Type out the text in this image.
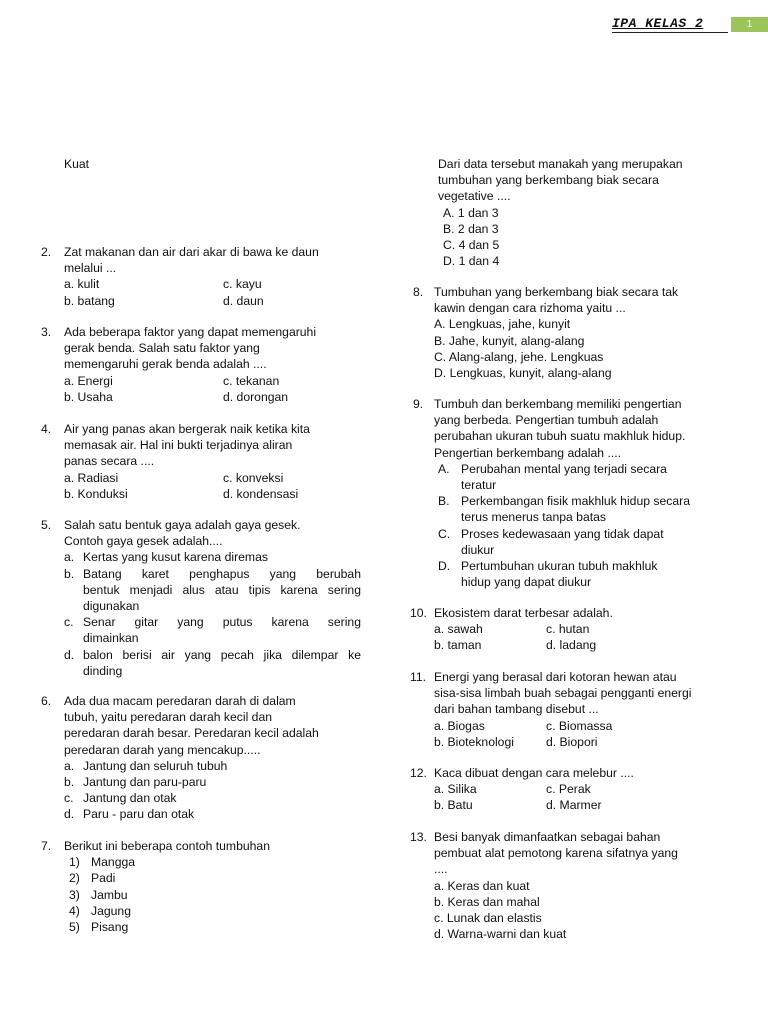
IPA KELAS 2	1
Kuat
2. Zat makanan dan air dari akar di bawa ke daun
melalui ...
a. kulit	c. kayu
b. batang	d. daun
3. Ada beberapa faktor yang dapat memengaruhi
gerak benda. Salah satu faktor yang
memengaruhi gerak benda adalah ....
a. Energi	c. tekanan
b. Usaha	d. dorongan
4. Air yang panas akan bergerak naik ketika kita
memasak air. Hal ini bukti terjadinya aliran
panas secara ....
a. Radiasi	c. konveksi
b. Konduksi	d. kondensasi
5. Salah satu bentuk gaya adalah gaya gesek.
Contoh gaya gesek adalah....
a. Kertas yang kusut karena diremas
b. Batang karet penghapus yang berubah
bentuk menjadi alus atau tipis karena sering
digunakan
c. Senar gitar yang putus karena sering
dimainkan
d. balon berisi air yang pecah jika dilempar ke
dinding
6. Ada dua macam peredaran darah di dalam
tubuh, yaitu peredaran darah kecil dan
peredaran darah besar. Peredaran kecil adalah
peredaran darah yang mencakup.....
a. Jantung dan seluruh tubuh
b. Jantung dan paru-paru
c. Jantung dan otak
d. Paru - paru dan otak
7. Berikut ini beberapa contoh tumbuhan
1) Mangga
2) Padi
3) Jambu
4) Jagung
5) Pisang
Dari data tersebut manakah yang merupakan
tumbuhan yang berkembang biak secara
vegetative ....
A. 1 dan 3
B. 2 dan 3
C. 4 dan 5
D. 1 dan 4
8. Tumbuhan yang berkembang biak secara tak
kawin dengan cara rizhoma yaitu ...
A. Lengkuas, jahe, kunyit
B. Jahe, kunyit, alang-alang
C. Alang-alang, jehe. Lengkuas
D. Lengkuas, kunyit, alang-alang
9. Tumbuh dan berkembang memiliki pengertian
yang berbeda. Pengertian tumbuh adalah
perubahan ukuran tubuh suatu makhluk hidup.
Pengertian berkembang adalah ....
A. Perubahan mental yang terjadi secara
teratur
B. Perkembangan fisik makhluk hidup secara
terus menerus tanpa batas
C. Proses kedewasaan yang tidak dapat
diukur
D. Pertumbuhan ukuran tubuh makhluk
hidup yang dapat diukur
10. Ekosistem darat terbesar adalah.
a. sawah	c. hutan
b. taman	d. ladang
11. Energi yang berasal dari kotoran hewan atau
sisa-sisa limbah buah sebagai pengganti energi
dari bahan tambang disebut ...
a. Biogas	c. Biomassa
b. Bioteknologi	d. Biopori
12. Kaca dibuat dengan cara melebur ....
a. Silika	c. Perak
b. Batu	d. Marmer
13. Besi banyak dimanfaatkan sebagai bahan
pembuat alat pemotong karena sifatnya yang
....
a. Keras dan kuat
b. Keras dan mahal
c. Lunak dan elastis
d. Warna-warni dan kuat
